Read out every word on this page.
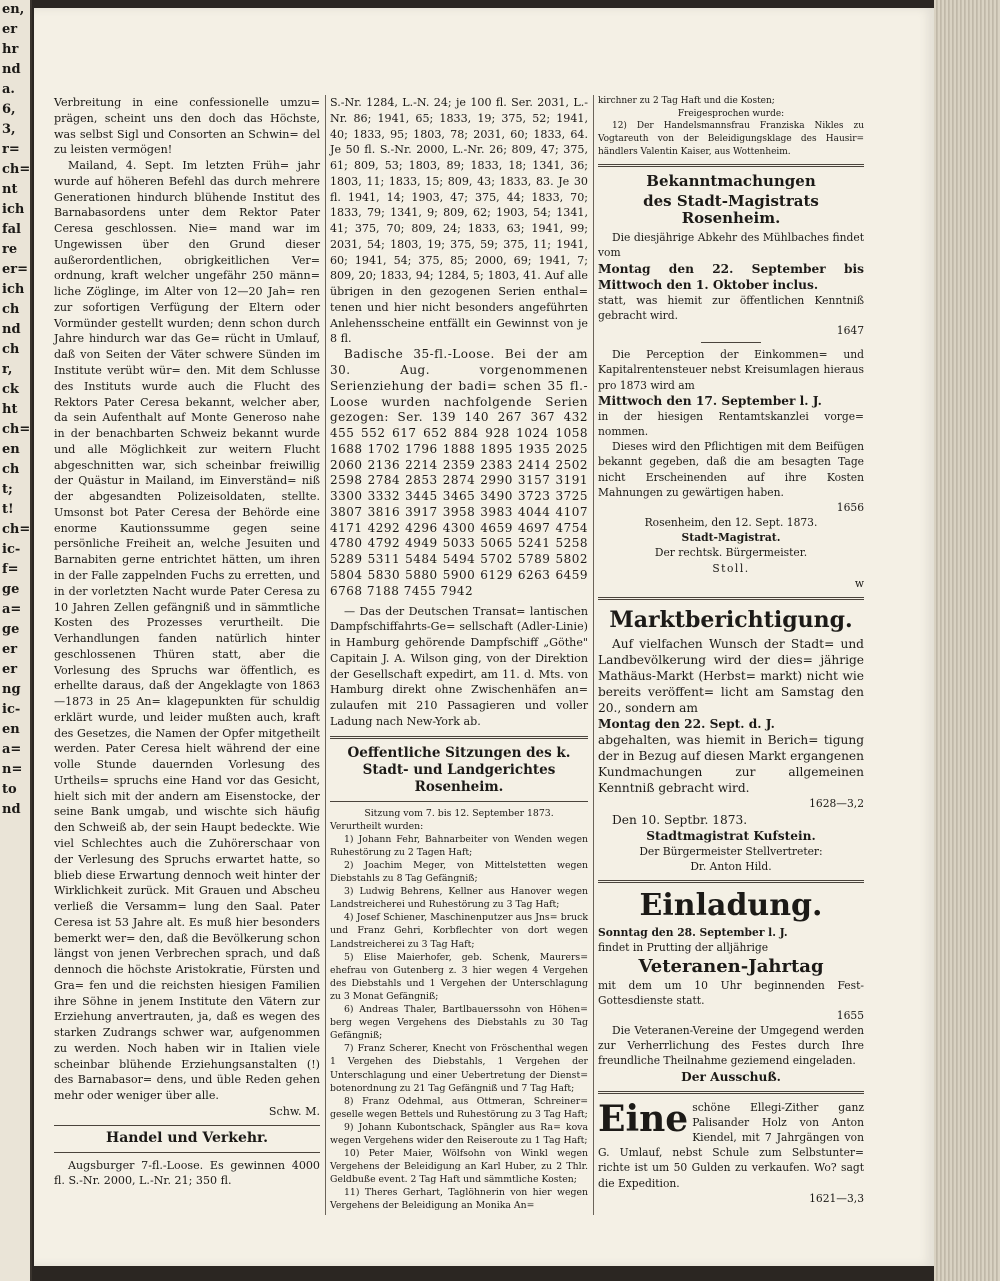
en,
er
hr
nd
a.
6,
3,
r=
ch=
nt
ich
fal
re
er=
ich
ch
nd
ch
r,
ck
ht
ch=
en
ch
t;
t!
ch=
ic-
f=
ge
a=
ge
er
er
ng
ic-
en
a=
n=
to
nd

Verbreitung in eine confessionelle umzu= prägen, scheint uns den doch das Höchste, was selbst Sigl und Consorten an Schwin= del zu leisten vermögen!

Mailand, 4. Sept. Im letzten Früh= jahr wurde auf höheren Befehl das durch mehrere Generationen hindurch blühende Institut des Barnabasordens unter dem Rektor Pater Ceresa geschlossen. Nie= mand war im Ungewissen über den Grund dieser außerordentlichen, obrigkeitlichen Ver= ordnung, kraft welcher ungefähr 250 männ= liche Zöglinge, im Alter von 12—20 Jah= ren zur sofortigen Verfügung der Eltern oder Vormünder gestellt wurden; denn schon durch Jahre hindurch war das Ge= rücht in Umlauf, daß von Seiten der Väter schwere Sünden im Institute verübt wür= den. Mit dem Schlusse des Instituts wurde auch die Flucht des Rektors Pater Ceresa bekannt, welcher aber, da sein Aufenthalt auf Monte Generoso nahe in der benachbarten Schweiz bekannt wurde und alle Möglichkeit zur weitern Flucht abgeschnitten war, sich scheinbar freiwillig der Quästur in Mailand, im Einverständ= niß der abgesandten Polizeisoldaten, stellte. Umsonst bot Pater Ceresa der Behörde eine enorme Kautionssumme gegen seine persönliche Freiheit an, welche Jesuiten und Barnabiten gerne entrichtet hätten, um ihren in der Falle zappelnden Fuchs zu erretten, und in der vorletzten Nacht wurde Pater Ceresa zu 10 Jahren Zellen gefängniß und in sämmtliche Kosten des Prozesses verurtheilt. Die Verhandlungen fanden natürlich hinter geschlossenen Thüren statt, aber die Vorlesung des Spruchs war öffentlich, es erhellte daraus, daß der Angeklagte von 1863—1873 in 25 An= klagepunkten für schuldig erklärt wurde, und leider mußten auch, kraft des Gesetzes, die Namen der Opfer mitgetheilt werden. Pater Ceresa hielt während der eine volle Stunde dauernden Vorlesung des Urtheils= spruchs eine Hand vor das Gesicht, hielt sich mit der andern am Eisenstocke, der seine Bank umgab, und wischte sich häufig den Schweiß ab, der sein Haupt bedeckte. Wie viel Schlechtes auch die Zuhörerschaar von der Verlesung des Spruchs erwartet hatte, so blieb diese Erwartung dennoch weit hinter der Wirklichkeit zurück. Mit Grauen und Abscheu verließ die Versamm= lung den Saal. Pater Ceresa ist 53 Jahre alt. Es muß hier besonders bemerkt wer= den, daß die Bevölkerung schon längst von jenen Verbrechen sprach, und daß dennoch die höchste Aristokratie, Fürsten und Gra= fen und die reichsten hiesigen Familien ihre Söhne in jenem Institute den Vätern zur Erziehung anvertrauten, ja, daß es wegen des starken Zudrangs schwer war, aufgenommen zu werden. Noch haben wir in Italien viele scheinbar blühende Erziehungsanstalten (!) des Barnabasor= dens, und üble Reden gehen mehr oder weniger über alle.

Schw. M.

Handel und Verkehr.

Augsburger 7-fl.-Loose. Es gewinnen 4000 fl. S.-Nr. 2000, L.-Nr. 21; 350 fl.

S.-Nr. 1284, L.-N. 24; je 100 fl. Ser. 2031, L.-Nr. 86; 1941, 65; 1833, 19; 375, 52; 1941, 40; 1833, 95; 1803, 78; 2031, 60; 1833, 64. Je 50 fl. S.-Nr. 2000, L.-Nr. 26; 809, 47; 375, 61; 809, 53; 1803, 89; 1833, 18; 1341, 36; 1803, 11; 1833, 15; 809, 43; 1833, 83. Je 30 fl. 1941, 14; 1903, 47; 375, 44; 1833, 70; 1833, 79; 1341, 9; 809, 62; 1903, 54; 1341, 41; 375, 70; 809, 24; 1833, 63; 1941, 99; 2031, 54; 1803, 19; 375, 59; 375, 11; 1941, 60; 1941, 54; 375, 85; 2000, 69; 1941, 7; 809, 20; 1833, 94; 1284, 5; 1803, 41. Auf alle übrigen in den gezogenen Serien enthal= tenen und hier nicht besonders angeführten Anlehensscheine entfällt ein Gewinnst von je 8 fl.

Badische 35-fl.-Loose. Bei der am 30. Aug. vorgenommenen Serienziehung der badi= schen 35 fl.-Loose wurden nachfolgende Serien gezogen: Ser. 139 140 267 367 432 455 552 617 652 884 928 1024 1058 1688 1702 1796 1888 1895 1935 2025 2060 2136 2214 2359 2383 2414 2502 2598 2784 2853 2874 2990 3157 3191 3300 3332 3445 3465 3490 3723 3725 3807 3816 3917 3958 3983 4044 4107 4171 4292 4296 4300 4659 4697 4754 4780 4792 4949 5033 5065 5241 5258 5289 5311 5484 5494 5702 5789 5802 5804 5830 5880 5900 6129 6263 6459 6768 7188 7455 7942

— Das der Deutschen Transat= lantischen Dampfschiffahrts-Ge= sellschaft (Adler-Linie) in Hamburg gehörende Dampfschiff „Göthe" Capitain J. A. Wilson ging, von der Direktion der Gesellschaft expedirt, am 11. d. Mts. von Hamburg direkt ohne Zwischenhäfen an= zulaufen mit 210 Passagieren und voller Ladung nach New-York ab.

Oeffentliche Sitzungen des k. Stadt- und Landgerichtes Rosenheim.
Sitzung vom 7. bis 12. September 1873.
Verurtheilt wurden:

1) Johann Fehr, Bahnarbeiter von Wenden wegen Ruhestörung zu 2 Tagen Haft;

2) Joachim Meger, von Mittelstetten wegen Diebstahls zu 8 Tag Gefängniß;

3) Ludwig Behrens, Kellner aus Hanover wegen Landstreicherei und Ruhestörung zu 3 Tag Haft;

4) Josef Schiener, Maschinenputzer aus Jns= bruck und Franz Gehri, Korbflechter von dort wegen Landstreicherei zu 3 Tag Haft;

5) Elise Maierhofer, geb. Schenk, Maurers= ehefrau von Gutenberg z. 3 hier wegen 4 Vergehen des Diebstahls und 1 Vergehen der Unterschlagung zu 3 Monat Gefängniß;

6) Andreas Thaler, Bartlbauerssohn von Höhen= berg wegen Vergehens des Diebstahls zu 30 Tag Gefängniß;

7) Franz Scherer, Knecht von Fröschenthal wegen 1 Vergehen des Diebstahls, 1 Vergehen der Unterschlagung und einer Uebertretung der Dienst= botenordnung zu 21 Tag Gefängniß und 7 Tag Haft;

8) Franz Odehmal, aus Ottmeran, Schreiner= geselle wegen Bettels und Ruhestörung zu 3 Tag Haft;

9) Johann Kubontschack, Spängler aus Ra= kova wegen Vergehens wider den Reiseroute zu 1 Tag Haft;

10) Peter Maier, Wölfsohn von Winkl wegen Vergehens der Beleidigung an Karl Huber, zu 2 Thlr. Geldbuße event. 2 Tag Haft und sämmtliche Kosten;

11) Theres Gerhart, Taglöhnerin von hier wegen Vergehens der Beleidigung an Monika An=

kirchner zu 2 Tag Haft und die Kosten;
Freigesprochen wurde:
12) Der Handelsmannsfrau Franziska Nikles zu Vogtareuth von der Beleidigungsklage des Hausir= händlers Valentin Kaiser, aus Wottenheim.
Bekanntmachungen
des Stadt-Magistrats Rosenheim.

Die diesjährige Abkehr des Mühlbaches findet vom

Montag den 22. September bis Mittwoch den 1. Oktober inclus.

statt, was hiemit zur öffentlichen Kenntniß gebracht wird.

1647

Die Perception der Einkommen= und Kapitalrentensteuer nebst Kreisumlagen hieraus pro 1873 wird am

Mittwoch den 17. September l. J.

in der hiesigen Rentamtskanzlei vorge= nommen.

Dieses wird den Pflichtigen mit dem Beifügen bekannt gegeben, daß die am besagten Tage nicht Erscheinenden auf ihre Kosten Mahnungen zu gewärtigen haben.

1656

Rosenheim, den 12. Sept. 1873.

Stadt-Magistrat.

Der rechtsk. Bürgermeister.

Stoll.

w

Marktberichtigung.

Auf vielfachen Wunsch der Stadt= und Landbevölkerung wird der dies= jährige Mathäus-Markt (Herbst= markt) nicht wie bereits veröffent= licht am Samstag den 20., sondern am

Montag den 22. Sept. d. J.

abgehalten, was hiemit in Berich= tigung der in Bezug auf diesen Markt ergangenen Kundmachungen zur allgemeinen Kenntniß gebracht wird.

1628—3,2

Den 10. Septbr. 1873.

Stadtmagistrat Kufstein.

Der Bürgermeister Stellvertreter:

Dr. Anton Hild.

Einladung.

Sonntag den 28. September l. J.

findet in Prutting der alljährige

Veteranen-Jahrtag

mit dem um 10 Uhr beginnenden Fest- Gottesdienste statt.

1655

Die Veteranen-Vereine der Umgegend werden zur Verherrlichung des Festes durch Ihre freundliche Theilnahme geziemend eingeladen.

Der Ausschuß.

Eine schöne Ellegi-Zither ganz Palisander Holz von Anton Kiendel, mit 7 Jahrgängen von G. Umlauf, nebst Schule zum Selbstunter= richte ist um 50 Gulden zu verkaufen. Wo? sagt die Expedition.

1621—3,3
